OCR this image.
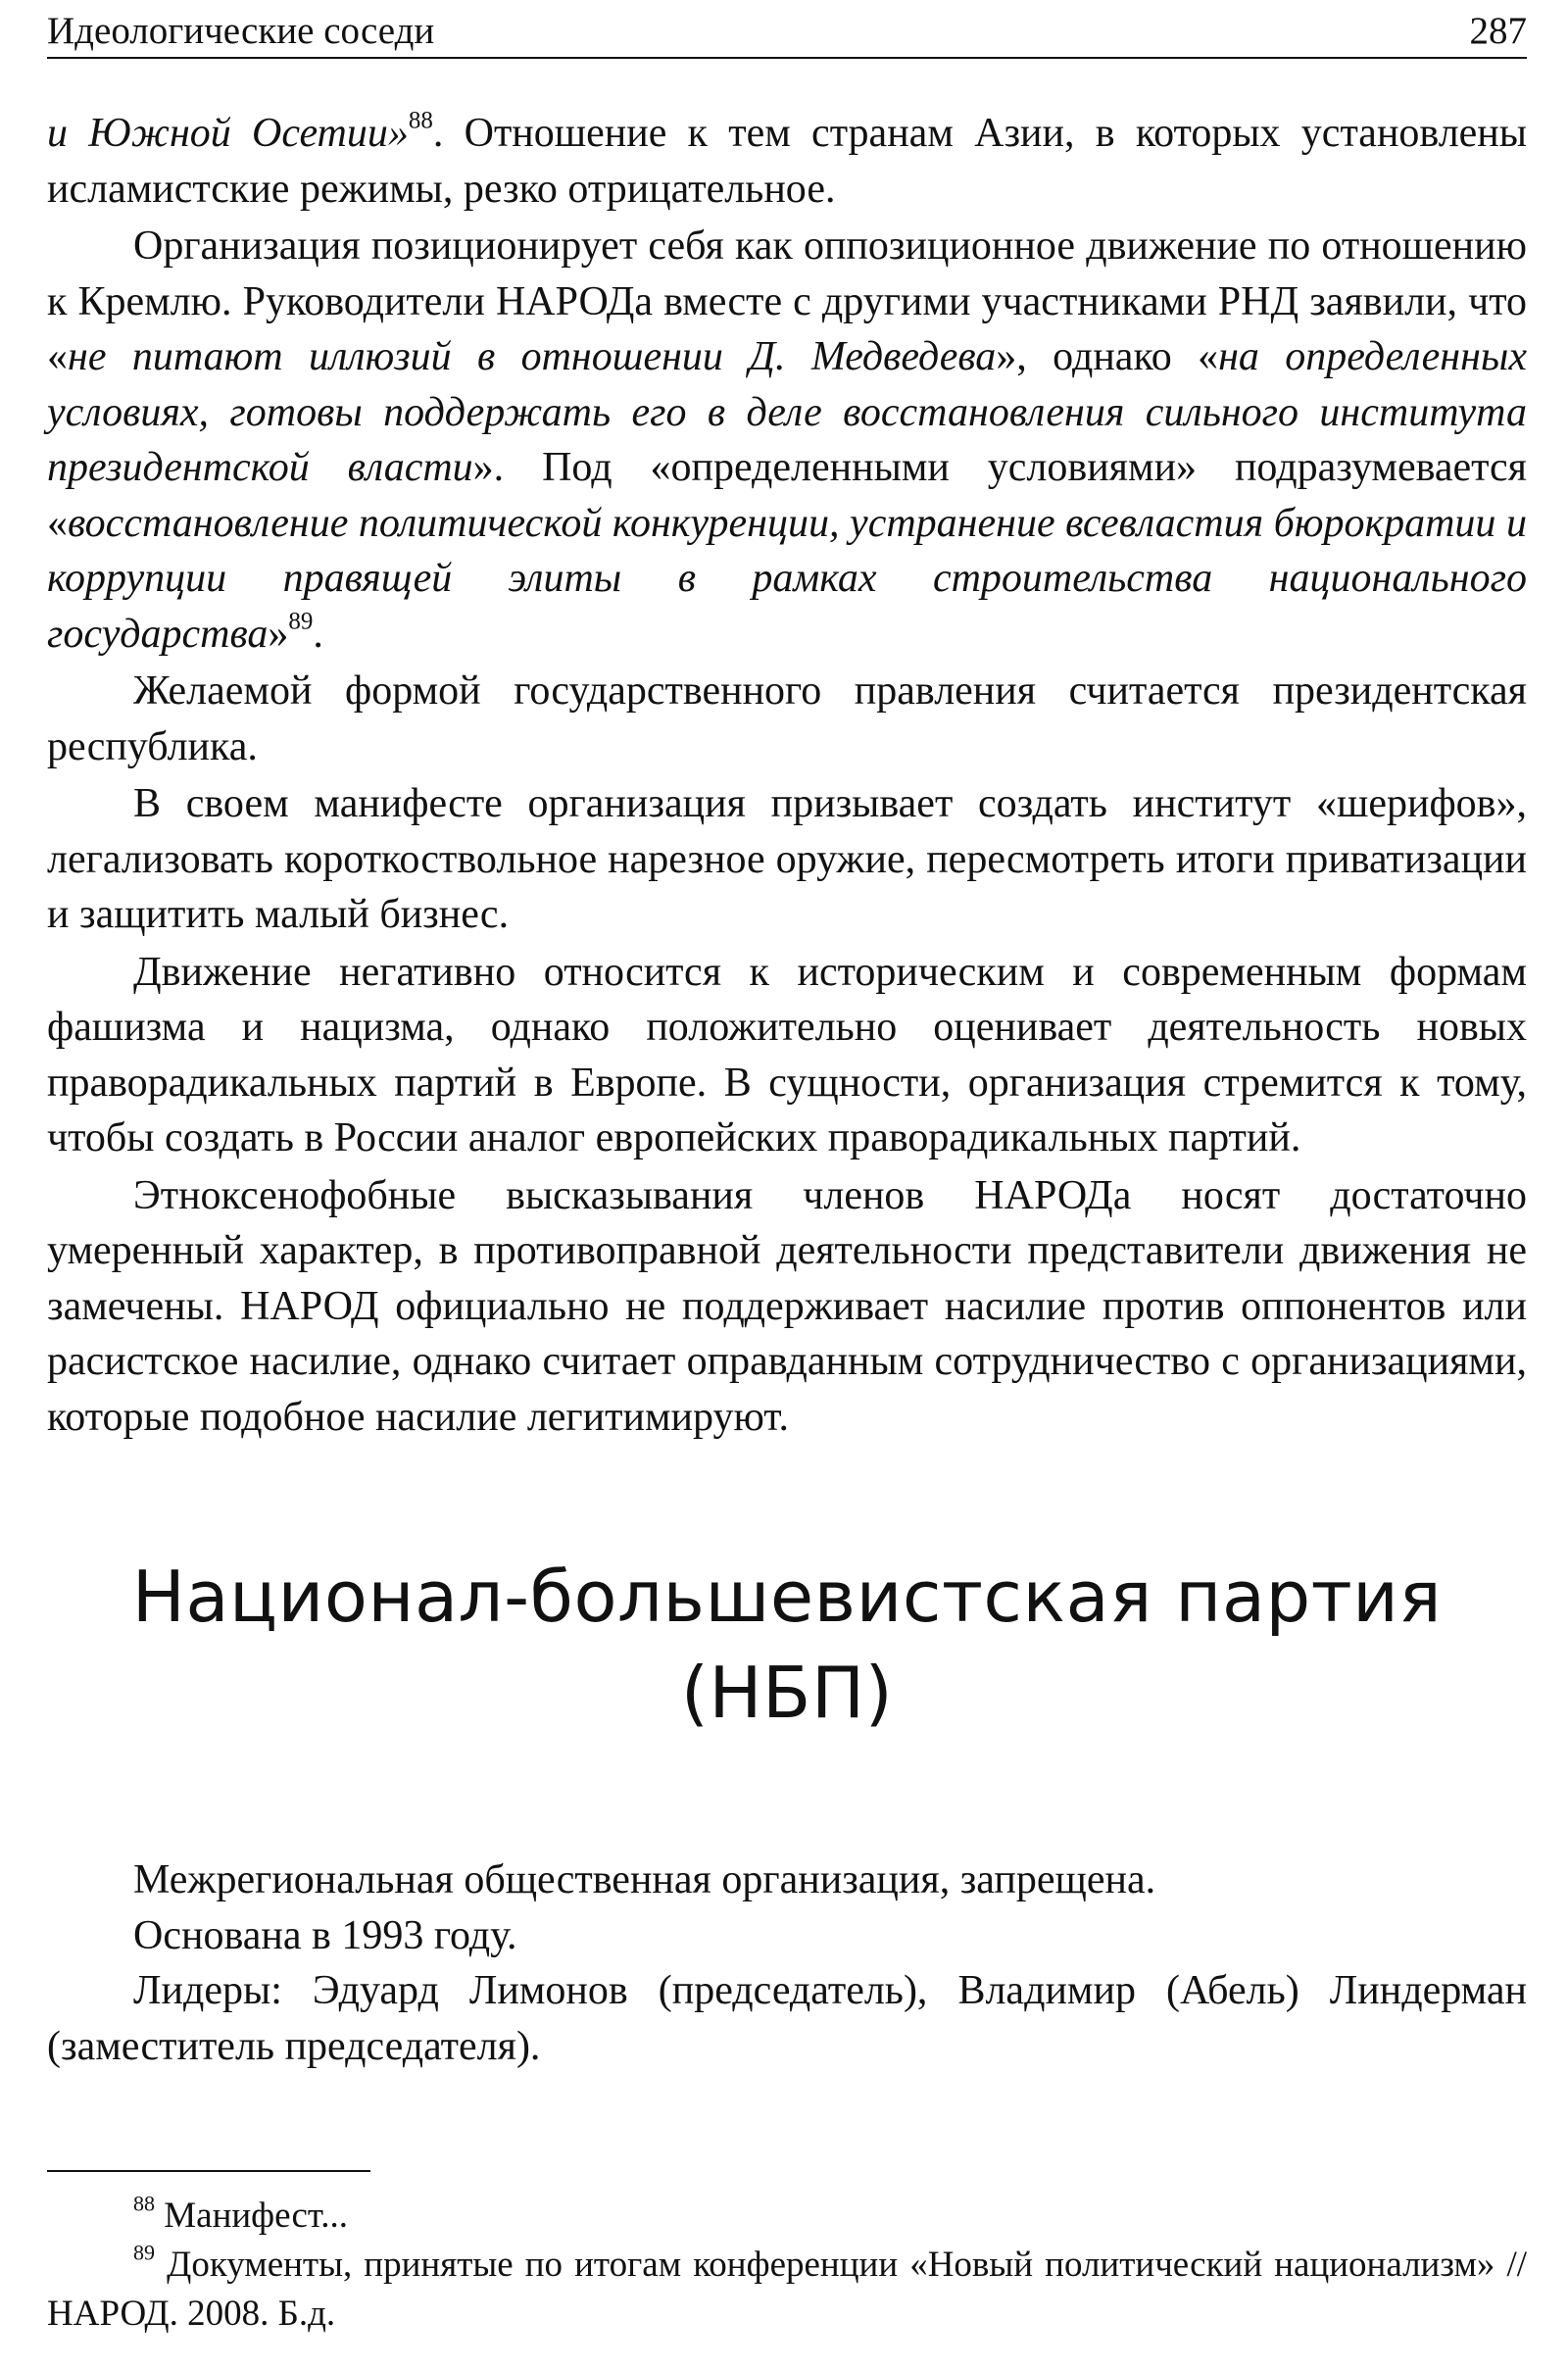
Идеологические соседи	287

и Южной Осетии»$^{88}$. Отношение к тем странам Азии, в которых установлены исламистские режимы, резко отрицательное.

Организация позиционирует себя как оппозиционное движение по отношению к Кремлю. Руководители НАРОДа вместе с другими участниками РНД заявили, что «не питают иллюзий в отношении Д. Медведева», однако «на определенных условиях, готовы поддержать его в деле восстановления сильного института президентской власти». Под «определенными условиями» подразумевается «восстановление политической конкуренции, устранение всевластия бюрократии и коррупции правящей элиты в рамках строительства национального государства»$^{89}$.

Желаемой формой государственного правления считается президентская республика.

В своем манифесте организация призывает создать институт «шерифов», легализовать короткоствольное нарезное оружие, пересмотреть итоги приватизации и защитить малый бизнес.

Движение негативно относится к историческим и современным формам фашизма и нацизма, однако положительно оценивает деятельность новых праворадикальных партий в Европе. В сущности, организация стремится к тому, чтобы создать в России аналог европейских праворадикальных партий.

Этноксенофобные высказывания членов НАРОДа носят достаточно умеренный характер, в противоправной деятельности представители движения не замечены. НАРОД официально не поддерживает насилие против оппонентов или расистское насилие, однако считает оправданным сотрудничество с организациями, которые подобное насилие легитимируют.

Национал-большевистская партия
(НБП)

Межрегиональная общественная организация, запрещена.

Основана в 1993 году.

Лидеры: Эдуард Лимонов (председатель), Владимир (Абель) Линдерман (заместитель председателя).

$^{88}$ Манифест...

$^{89}$ Документы, принятые по итогам конференции «Новый политический национализм» // НАРОД. 2008. Б.д.
